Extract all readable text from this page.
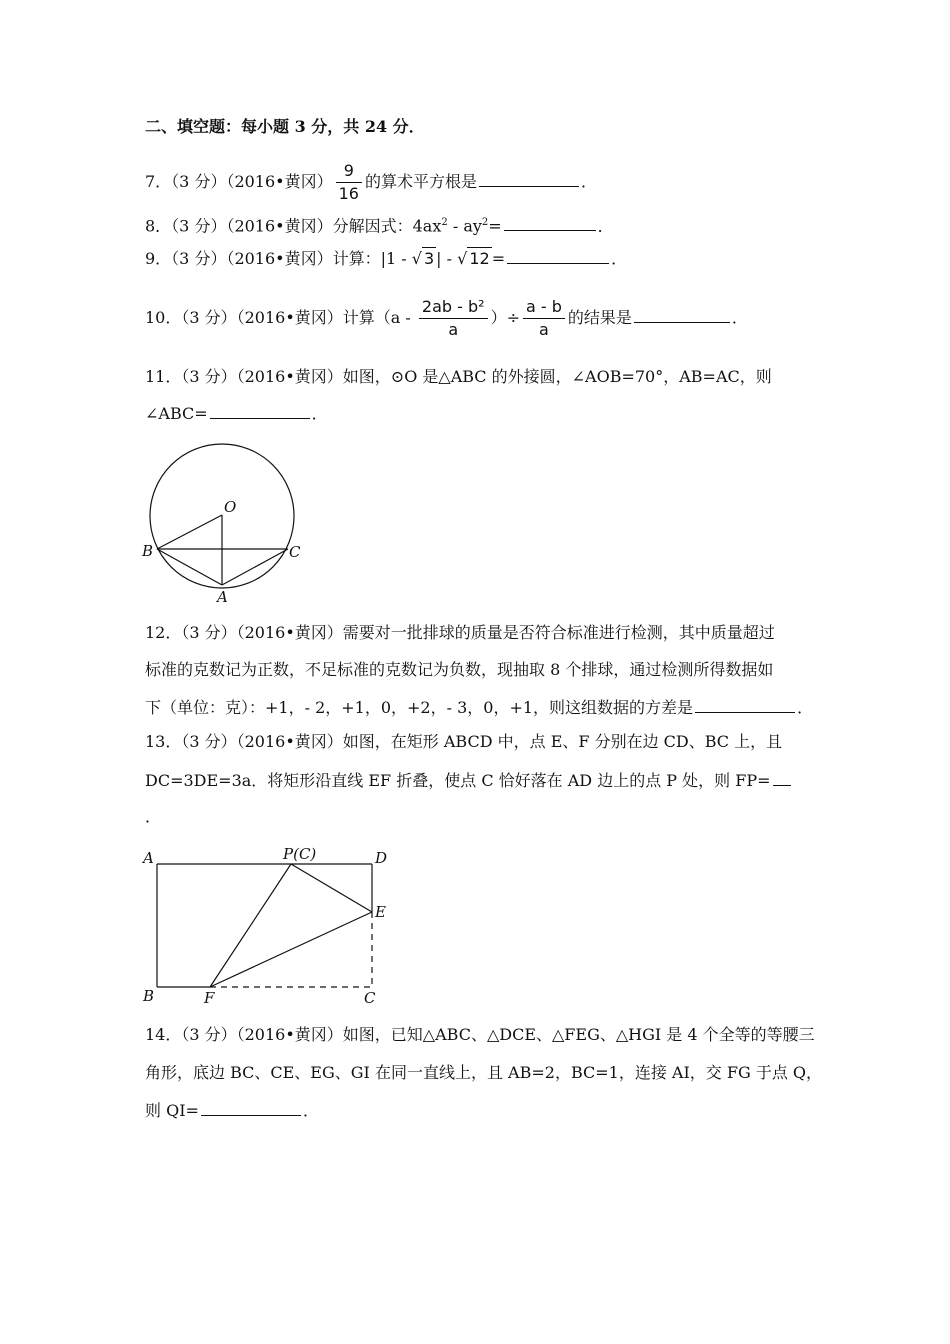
二、填空题：每小题 3 分，共 24 分．
7．（3 分）（2016•黄冈） $\frac{9}{16}$ 的算术平方根是	．
8．（3 分）（2016•黄冈）分解因式：$4ax^2 - ay^2=$	．
9．（3 分）（2016•黄冈）计算：|1 - √ 3 | - √ 12 =	．
10．（3 分）（2016•黄冈）计算（$a - \frac{\text{2ab - b²}}{a}$ ）÷ $\frac{a - b}{a}$ 的结果是	．
11．（3 分）（2016•黄冈）如图，⊙O 是△ABC 的外接圆，∠AOB=70°，AB=AC，则
∠ABC=	．
O
B	C
A
12．（3 分）（2016•黄冈）需要对一批排球的质量是否符合标准进行检测，其中质量超过
标准的克数记为正数，不足标准的克数记为负数，现抽取 8 个排球，通过检测所得数据如
下（单位：克）：+1，- 2，+1，0，+2，- 3，0，+1，则这组数据的方差是	．
13．（3 分）（2016•黄冈）如图，在矩形 ABCD 中，点 E、F 分别在边 CD、BC 上，且
DC=3DE=3a．将矩形沿直线 EF 折叠，使点 C 恰好落在 AD 边上的点 P 处，则 FP=
．
A	P(C)	D
E
B	F	C
14．（3 分）（2016•黄冈）如图，已知△ABC、△DCE、△FEG、△HGI 是 4 个全等的等腰三
角形，底边 BC、CE、EG、GI 在同一直线上，且 AB=2，BC=1，连接 AI，交 FG 于点 Q，
则 QI=	．
